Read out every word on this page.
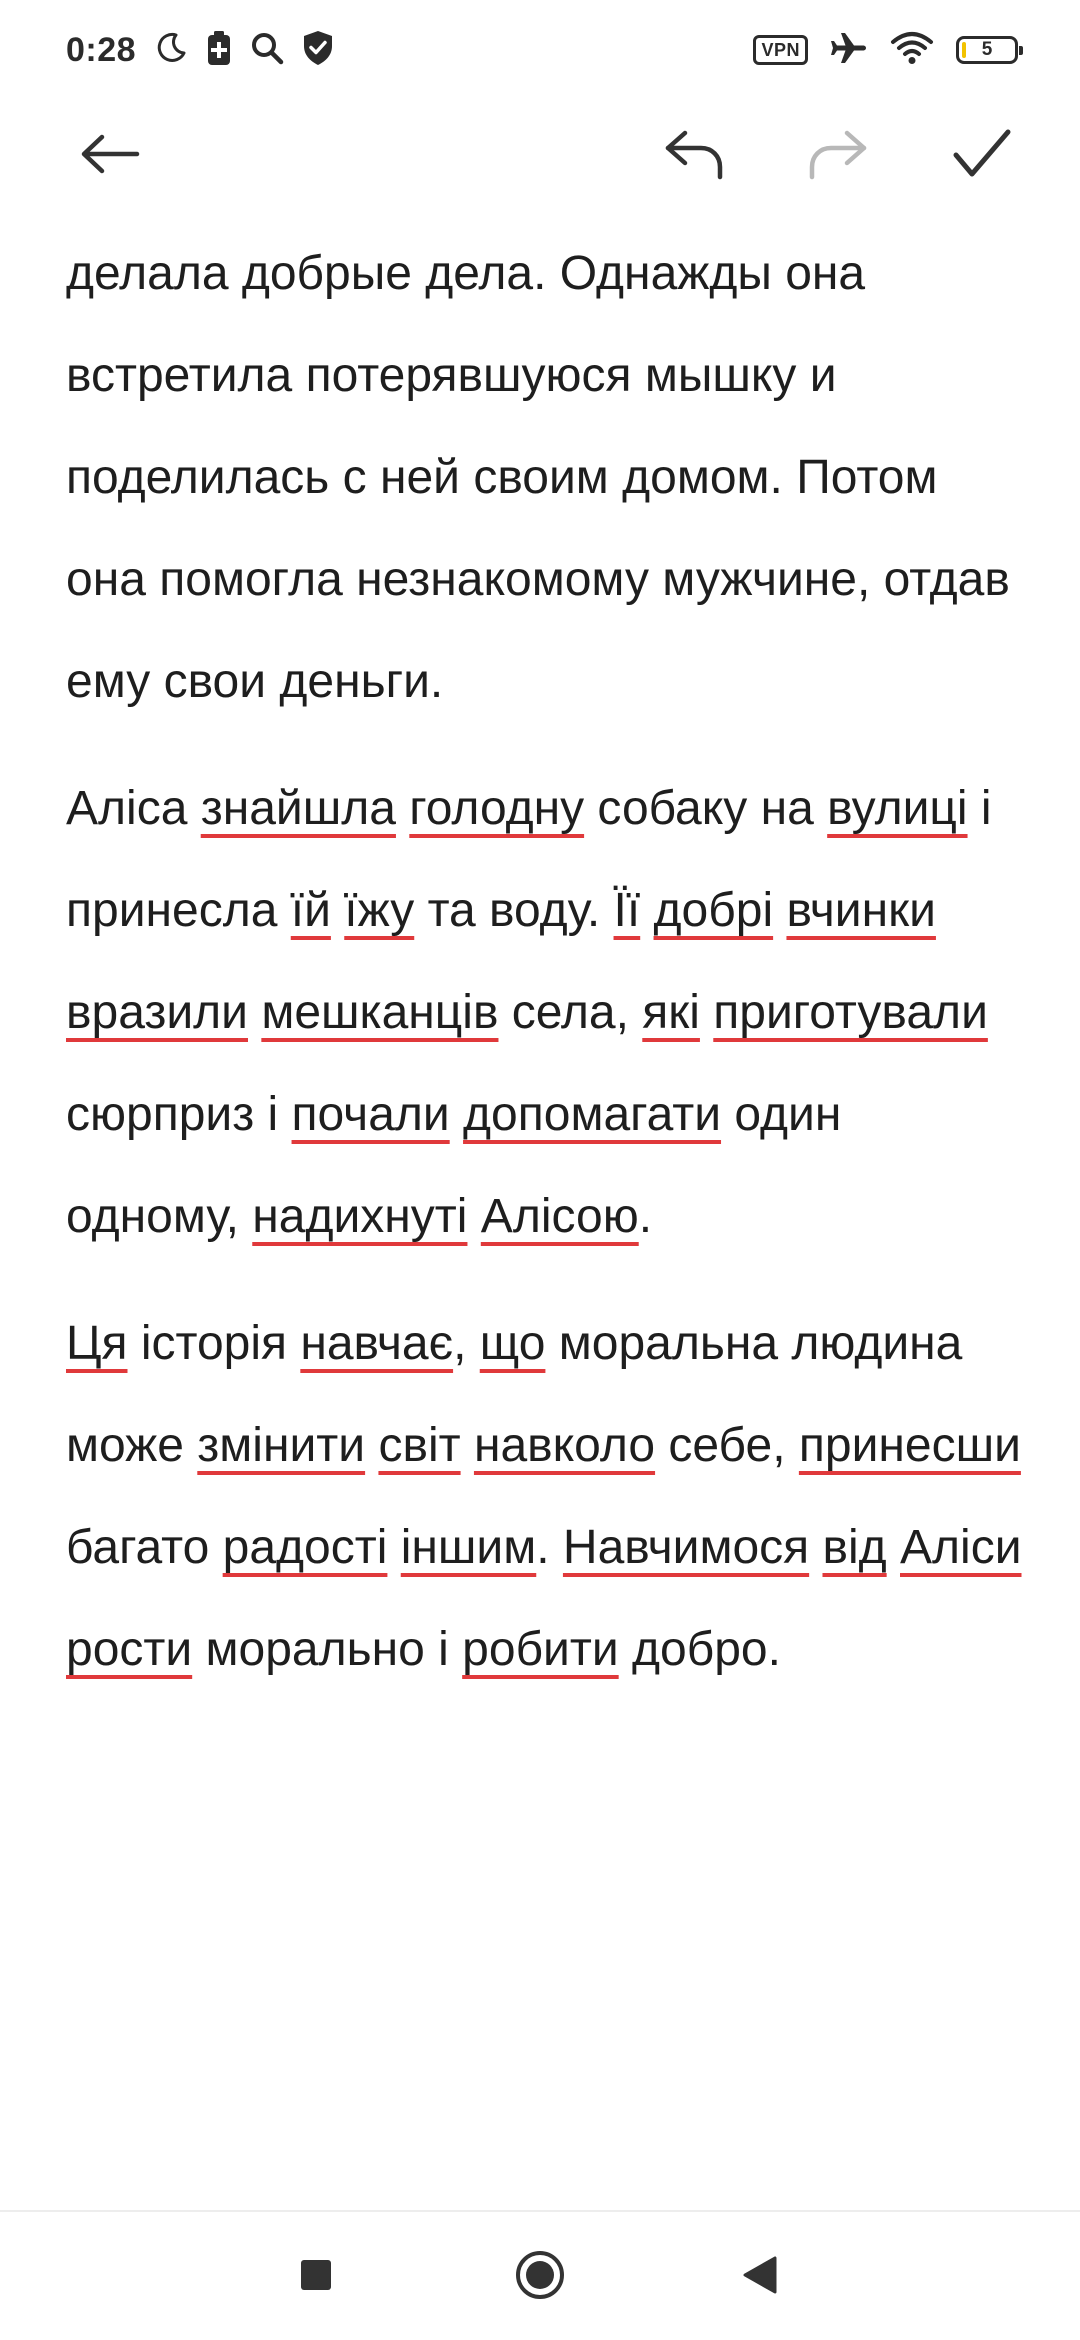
0:28	VPN	5

делала добрые дела. Однажды она встретила потерявшуюся мышку и поделилась с ней своим домом. Потом она помогла незнакомому мужчине, отдав ему свои деньги.

Аліса знайшла голодну собаку на вулиці і принесла їй їжу та воду. Її добрі вчинки вразили мешканців села, які приготували сюрприз і почали допомагати один одному, надихнуті Алісою.

Ця історія навчає, що моральна людина може змінити світ навколо себе, принесши багато радості іншим. Навчимося від Аліси рости морально і робити добро.
